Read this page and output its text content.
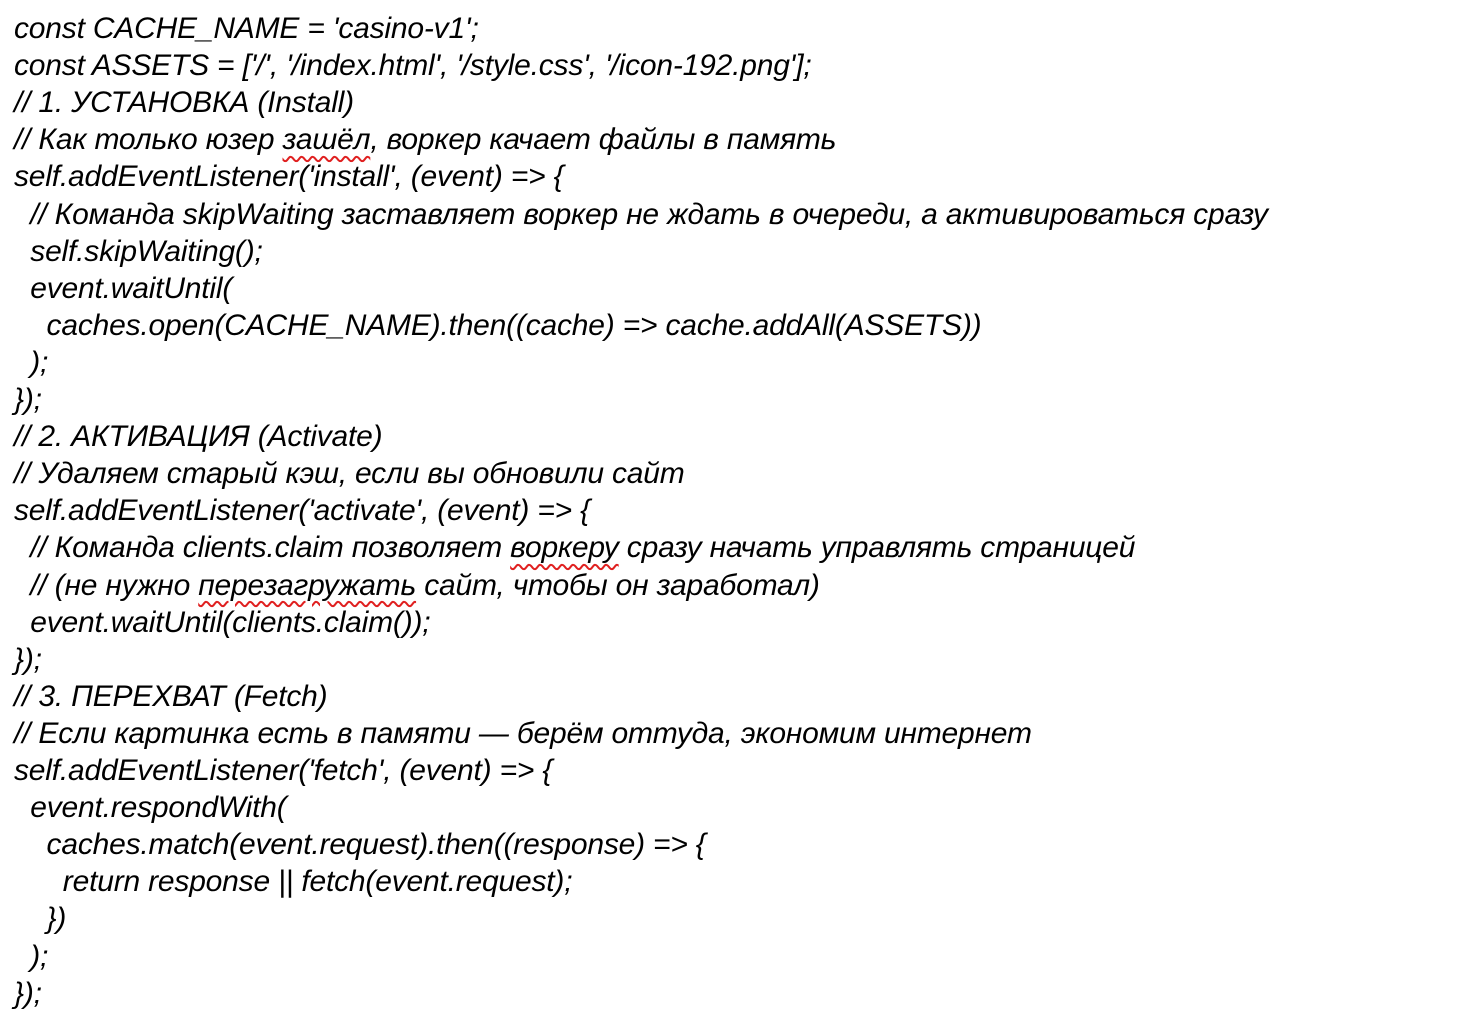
const CACHE_NAME = 'casino-v1';
const ASSETS = ['/', '/index.html', '/style.css', '/icon-192.png'];
// 1. УСТАНОВКА (Install)
// Как только юзер зашёл, воркер качает файлы в память
self.addEventListener('install', (event) => {
// Команда skipWaiting заставляет воркер не ждать в очереди, а активироваться сразу
self.skipWaiting();
event.waitUntil(
caches.open(CACHE_NAME).then((cache) => cache.addAll(ASSETS))
);
});
// 2. АКТИВАЦИЯ (Activate)
// Удаляем старый кэш, если вы обновили сайт
self.addEventListener('activate', (event) => {
// Команда clients.claim позволяет воркеру сразу начать управлять страницей
// (не нужно перезагружать сайт, чтобы он заработал)
event.waitUntil(clients.claim());
});
// 3. ПЕРЕХВАТ (Fetch)
// Если картинка есть в памяти — берём оттуда, экономим интернет
self.addEventListener('fetch', (event) => {
event.respondWith(
caches.match(event.request).then((response) => {
return response || fetch(event.request);
})
);
});
